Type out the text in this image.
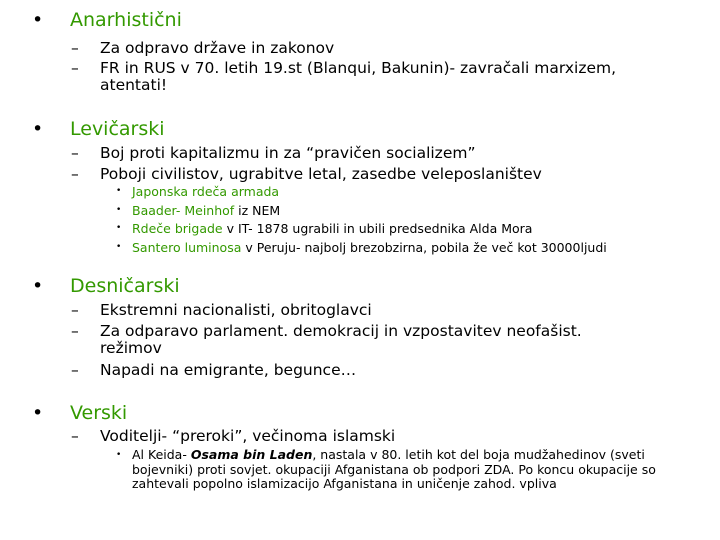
• Anarhistični
–	Za odpravo države in zakonov
–	FR in RUS v 70. letih 19.st (Blanqui, Bakunin)- zavračali marxizem, atentati!
• Levičarski
–	Boj proti kapitalizmu in za “pravičen socializem”
–	Poboji civilistov, ugrabitve letal, zasedbe veleposlaništev
• Japonska rdeča armada
• Baader- Meinhof iz NEM
• Rdeče brigade v IT- 1878 ugrabili in ubili predsednika Alda Mora
• Santero luminosa v Peruju- najbolj brezobzirna, pobila že več kot 30000ljudi
• Desničarski
–	Ekstremni nacionalisti, obritoglavci
–	Za odparavo parlament. demokracij in vzpostavitev neofašist. režimov
–	Napadi na emigrante, begunce…
• Verski
–	Voditelji- “preroki”, večinoma islamski
• Al Keida- Osama bin Laden, nastala v 80. letih kot del boja mudžahedinov (sveti bojevniki) proti sovjet. okupaciji Afganistana ob podpori ZDA. Po koncu okupacije so zahtevali popolno islamizacijo Afganistana in uničenje zahod. vpliva
